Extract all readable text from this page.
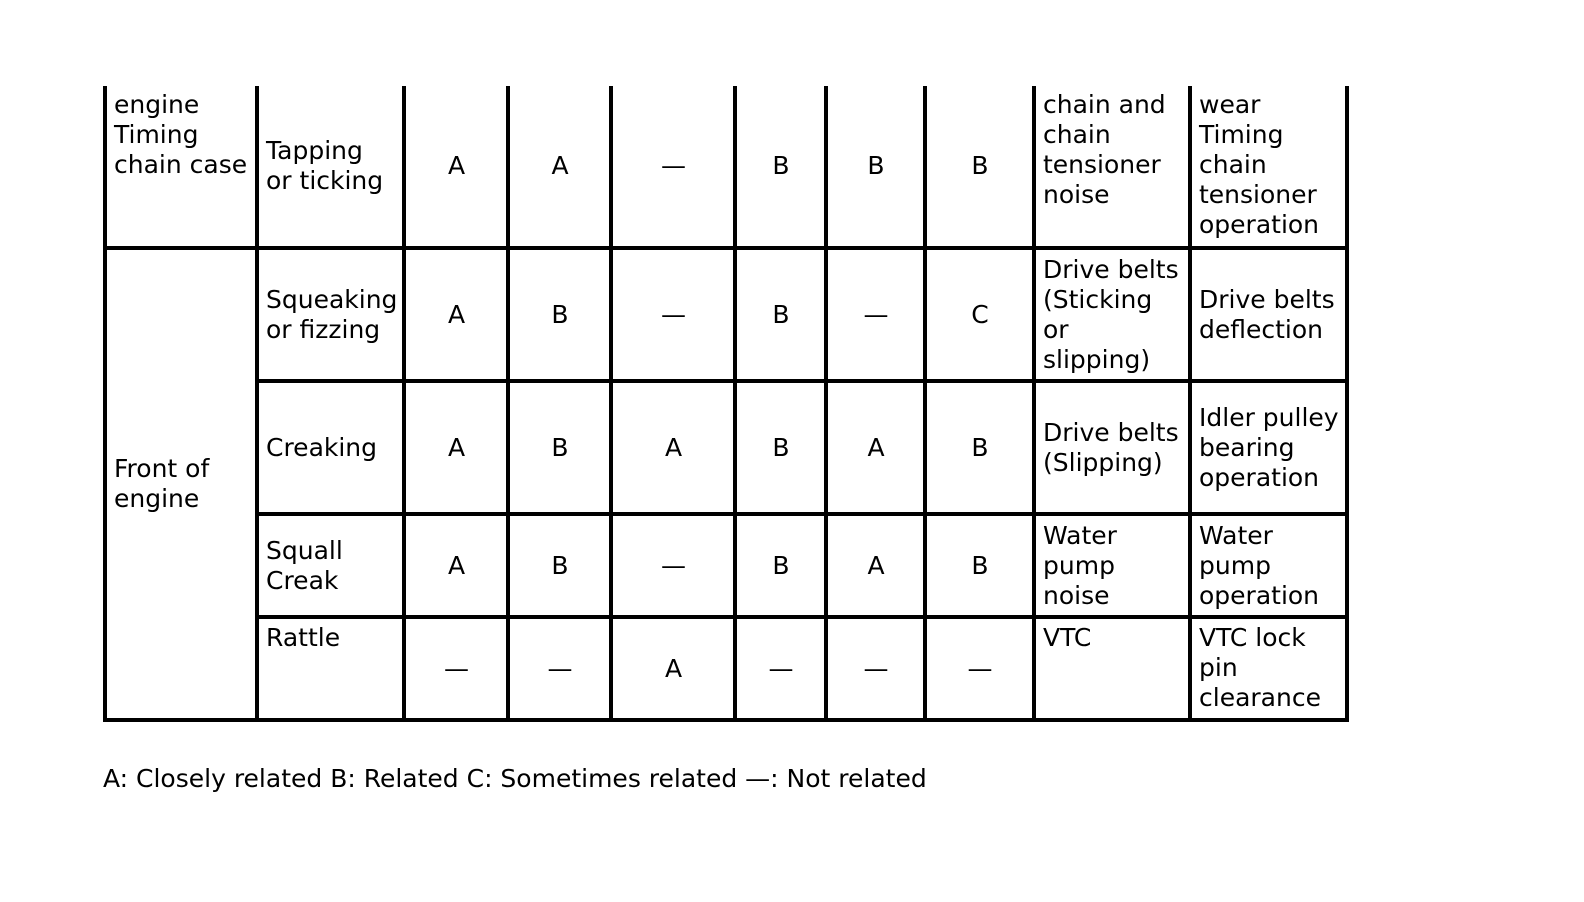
engine Timing chain case	Tapping or ticking	A	A	—	B	B	B	chain and chain tensioner noise	wear Timing chain tensioner operation
Front of engine	Squeaking or fizzing	A	B	—	B	—	C	Drive belts (Sticking or slipping)	Drive belts deflection
	Creaking	A	B	A	B	A	B	Drive belts (Slipping)	Idler pulley bearing operation
	Squall Creak	A	B	—	B	A	B	Water pump noise	Water pump operation
	Rattle	—	—	A	—	—	—	VTC	VTC lock pin clearance
A: Closely related B: Related C: Sometimes related —: Not related
